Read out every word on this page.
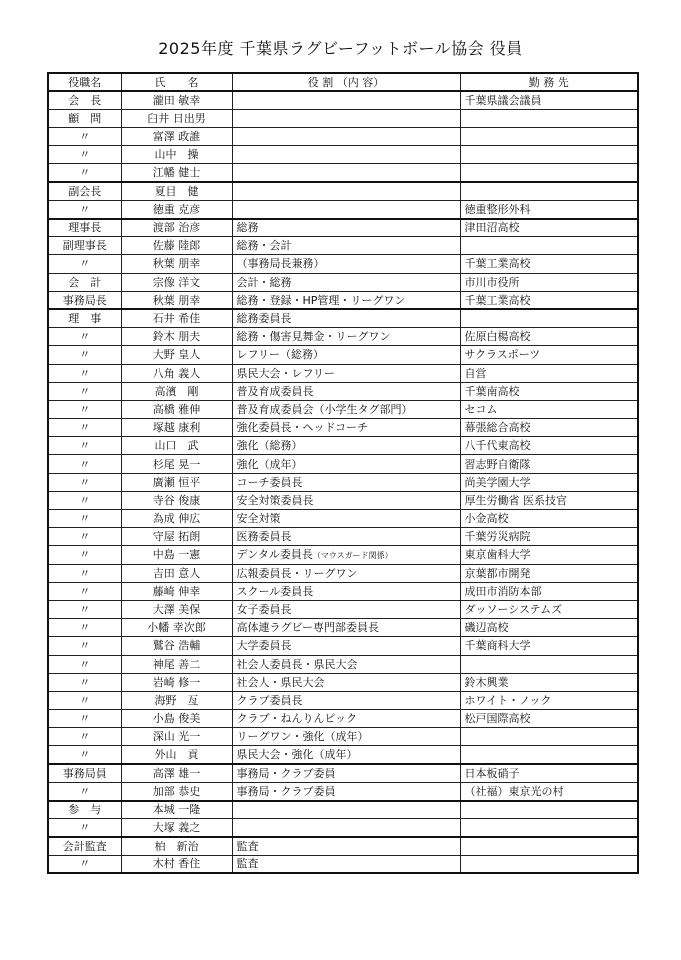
2025年度 千葉県ラグビーフットボール協会 役員
役職名	氏　　名	役 割 （内 容）	勤 務 先
会　長	瀧田 敏幸		千葉県議会議員
顧　問	臼井 日出男		
〃	富澤 政誰		
〃	山中　操		
〃	江幡 健士		
副会長	夏目　健		
〃	徳重 克彦		徳重整形外科
理事長	渡部 治彦	総務	津田沼高校
副理事長	佐藤 陸郎	総務・会計	
〃	秋葉 朋幸	（事務局長兼務）	千葉工業高校
会　計	宗像 洋文	会計・総務	市川市役所
事務局長	秋葉 朋幸	総務・登録・HP管理・リーグワン	千葉工業高校
理　事	石井 希佳	総務委員長	
〃	鈴木 朋夫	総務・傷害見舞金・リーグワン	佐原白楊高校
〃	大野 皇人	レフリー（総務）	サクラスポーツ
〃	八角 義人	県民大会・レフリー	自営
〃	高濱　剛	普及育成委員長	千葉南高校
〃	高橋 雅伸	普及育成委員会（小学生タグ部門）	セコム
〃	塚越 康利	強化委員長・ヘッドコーチ	幕張総合高校
〃	山口　武	強化（総務）	八千代東高校
〃	杉尾 晃一	強化（成年）	習志野自衛隊
〃	廣瀬 恒平	コーチ委員長	尚美学園大学
〃	寺谷 俊康	安全対策委員長	厚生労働省 医系技官
〃	為成 伸広	安全対策	小金高校
〃	守屋 拓朗	医務委員長	千葉労災病院
〃	中島 一憲	デンタル委員長（マウスガード関係）	東京歯科大学
〃	吉田 意人	広報委員長・リーグワン	京葉都市開発
〃	藤崎 伸幸	スクール委員長	成田市消防本部
〃	大澤 美保	女子委員長	ダッソーシステムズ
〃	小幡 幸次郎	高体連ラグビー専門部委員長	磯辺高校
〃	鷲谷 浩輔	大学委員長	千葉商科大学
〃	神尾 善二	社会人委員長・県民大会	
〃	岩崎 修一	社会人・県民大会	鈴木興業
〃	海野　亙	クラブ委員長	ホワイト・ノック
〃	小島 俊美	クラブ・ねんりんピック	松戸国際高校
〃	深山 光一	リーグワン・強化（成年）	
〃	外山　貢	県民大会・強化（成年）	
事務局員	高澤 雄一	事務局・クラブ委員	日本板硝子
〃	加部 恭史	事務局・クラブ委員	（社福）東京光の村
参　与	本城 一隆		
〃	大塚 義之		
会計監査	柏　新治	監査	
〃	木村 香住	監査	
